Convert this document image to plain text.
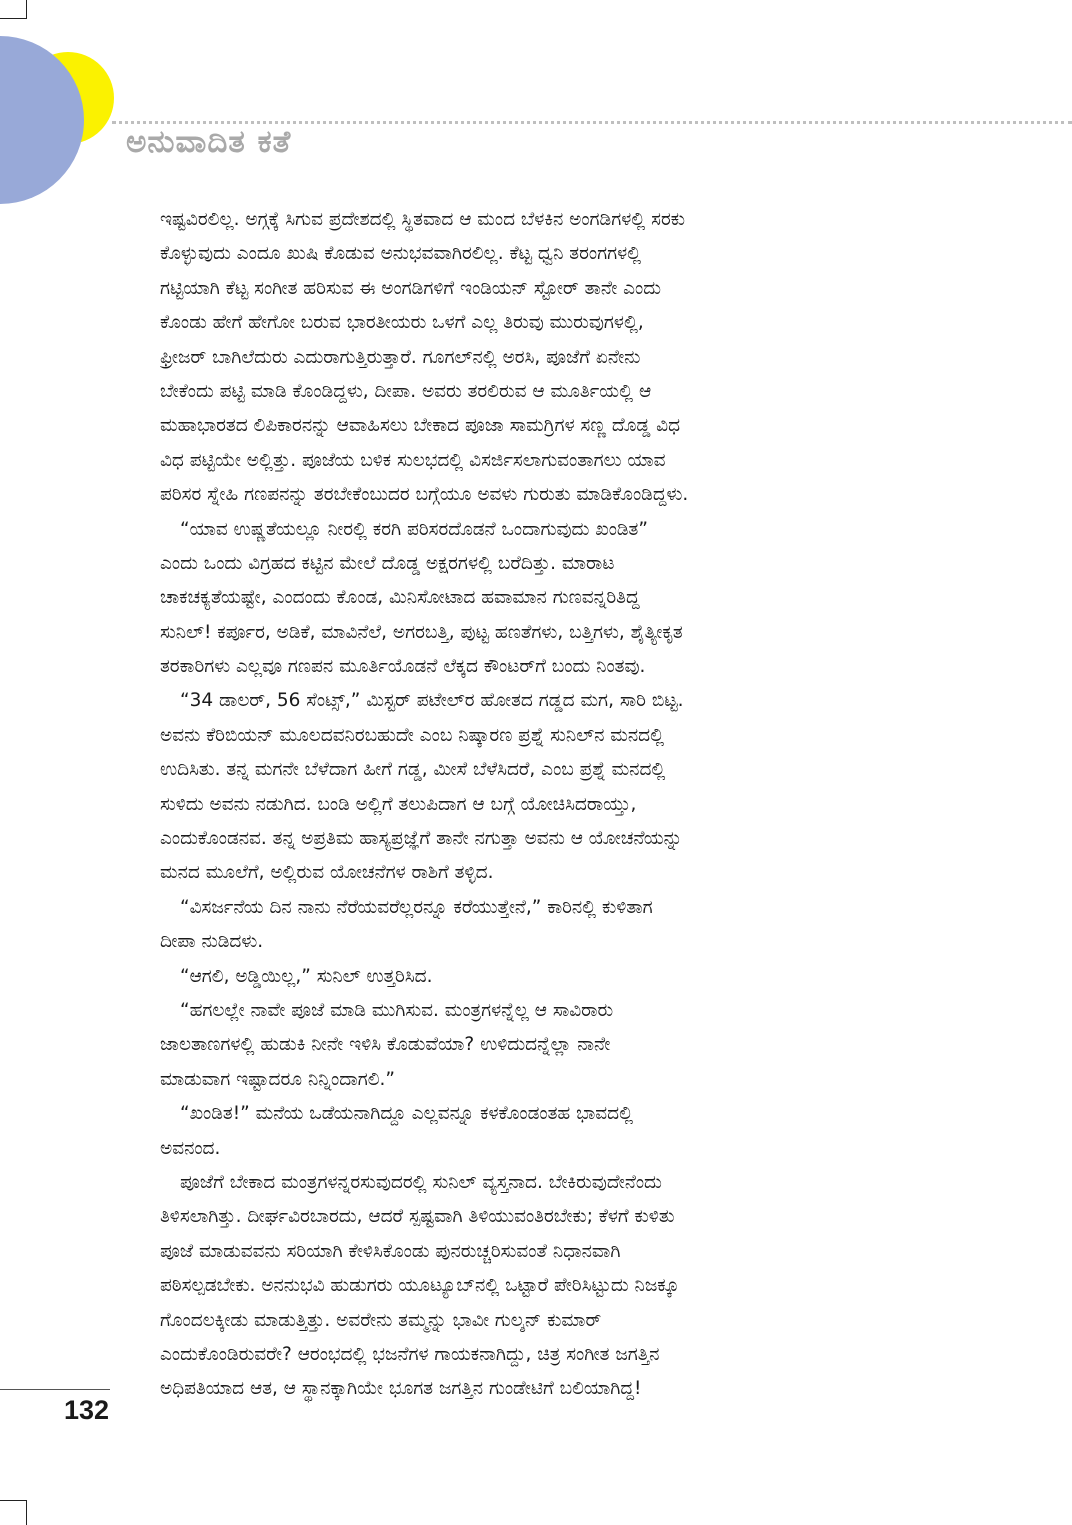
ಅನುವಾದಿತ ಕತೆ
ಇಷ್ಟವಿರಲಿಲ್ಲ. ಅಗ್ಗಕ್ಕೆ ಸಿಗುವ ಪ್ರದೇಶದಲ್ಲಿ ಸ್ಥಿತವಾದ ಆ ಮಂದ ಬೆಳಕಿನ ಅಂಗಡಿಗಳಲ್ಲಿ ಸರಕು
ಕೊಳ್ಳುವುದು ಎಂದೂ ಖುಷಿ ಕೊಡುವ ಅನುಭವವಾಗಿರಲಿಲ್ಲ. ಕೆಟ್ಟ ಧ್ವನಿ ತರಂಗಗಳಲ್ಲಿ
ಗಟ್ಟಿಯಾಗಿ ಕೆಟ್ಟ ಸಂಗೀತ ಹರಿಸುವ ಈ ಅಂಗಡಿಗಳಿಗೆ ಇಂಡಿಯನ್ ಸ್ಟೋರ್ ತಾನೇ ಎಂದು
ಕೊಂಡು ಹೇಗೆ ಹೇಗೋ ಬರುವ ಭಾರತೀಯರು ಒಳಗೆ ಎಲ್ಲ ತಿರುವು ಮುರುವುಗಳಲ್ಲಿ,
ಫ್ರೀಜರ್ ಬಾಗಿಲೆದುರು ಎದುರಾಗುತ್ತಿರುತ್ತಾರೆ. ಗೂಗಲ್‌ನಲ್ಲಿ ಅರಸಿ, ಪೂಜೆಗೆ ಏನೇನು
ಬೇಕೆಂದು ಪಟ್ಟಿ ಮಾಡಿ ಕೊಂಡಿದ್ದಳು, ದೀಪಾ. ಅವರು ತರಲಿರುವ ಆ ಮೂರ್ತಿಯಲ್ಲಿ ಆ
ಮಹಾಭಾರತದ ಲಿಪಿಕಾರನನ್ನು ಆವಾಹಿಸಲು ಬೇಕಾದ ಪೂಜಾ ಸಾಮಗ್ರಿಗಳ ಸಣ್ಣ ದೊಡ್ಡ ವಿಧ
ವಿಧ ಪಟ್ಟಿಯೇ ಅಲ್ಲಿತ್ತು. ಪೂಜೆಯ ಬಳಿಕ ಸುಲಭದಲ್ಲಿ ವಿಸರ್ಜಿಸಲಾಗುವಂತಾಗಲು ಯಾವ
ಪರಿಸರ ಸ್ನೇಹಿ ಗಣಪನನ್ನು ತರಬೇಕೆಂಬುದರ ಬಗ್ಗೆಯೂ ಅವಳು ಗುರುತು ಮಾಡಿಕೊಂಡಿದ್ದಳು.
“ಯಾವ ಉಷ್ಣತೆಯಲ್ಲೂ ನೀರಲ್ಲಿ ಕರಗಿ ಪರಿಸರದೊಡನೆ ಒಂದಾಗುವುದು ಖಂಡಿತ”
ಎಂದು ಒಂದು ವಿಗ್ರಹದ ಕಟ್ಟಿನ ಮೇಲೆ ದೊಡ್ಡ ಅಕ್ಷರಗಳಲ್ಲಿ ಬರೆದಿತ್ತು. ಮಾರಾಟ
ಚಾಕಚಕ್ಯತೆಯಷ್ಟೇ, ಎಂದಂದು ಕೊಂಡ, ಮಿನಿಸೋಟಾದ ಹವಾಮಾನ ಗುಣವನ್ನರಿತಿದ್ದ
ಸುನಿಲ್! ಕರ್ಪೂರ, ಅಡಿಕೆ, ಮಾವಿನೆಲೆ, ಅಗರಬತ್ತಿ, ಪುಟ್ಟ ಹಣತೆಗಳು, ಬತ್ತಿಗಳು, ಶೈತ್ಯೀಕೃತ
ತರಕಾರಿಗಳು ಎಲ್ಲವೂ ಗಣಪನ ಮೂರ್ತಿಯೊಡನೆ ಲೆಕ್ಕದ ಕೌಂಟರ್‌ಗೆ ಬಂದು ನಿಂತವು.
“34 ಡಾಲರ್, 56 ಸೆಂಟ್ಸ್,” ಮಿಸ್ಟರ್ ಪಟೇಲ್‌ರ ಹೋತದ ಗಡ್ಡದ ಮಗ, ಸಾರಿ ಬಿಟ್ಟ.
ಅವನು ಕೆರಿಬಿಯನ್ ಮೂಲದವನಿರಬಹುದೇ ಎಂಬ ನಿಷ್ಕಾರಣ ಪ್ರಶ್ನೆ ಸುನಿಲ್‌ನ ಮನದಲ್ಲಿ
ಉದಿಸಿತು. ತನ್ನ ಮಗನೇ ಬೆಳೆದಾಗ ಹೀಗೆ ಗಡ್ಡ, ಮೀಸೆ ಬೆಳೆಸಿದರೆ, ಎಂಬ ಪ್ರಶ್ನೆ ಮನದಲ್ಲಿ
ಸುಳಿದು ಅವನು ನಡುಗಿದ. ಬಂಡಿ ಅಲ್ಲಿಗೆ ತಲುಪಿದಾಗ ಆ ಬಗ್ಗೆ ಯೋಚಿಸಿದರಾಯ್ತು,
ಎಂದುಕೊಂಡನವ. ತನ್ನ ಅಪ್ರತಿಮ ಹಾಸ್ಯಪ್ರಜ್ಞೆಗೆ ತಾನೇ ನಗುತ್ತಾ ಅವನು ಆ ಯೋಚನೆಯನ್ನು
ಮನದ ಮೂಲೆಗೆ, ಅಲ್ಲಿರುವ ಯೋಚನೆಗಳ ರಾಶಿಗೆ ತಳ್ಳಿದ.
“ವಿಸರ್ಜನೆಯ ದಿನ ನಾನು ನೆರೆಯವರೆಲ್ಲರನ್ನೂ ಕರೆಯುತ್ತೇನೆ,” ಕಾರಿನಲ್ಲಿ ಕುಳಿತಾಗ
ದೀಪಾ ನುಡಿದಳು.
“ಆಗಲಿ, ಅಡ್ಡಿಯಿಲ್ಲ,” ಸುನಿಲ್ ಉತ್ತರಿಸಿದ.
“ಹಗಲಲ್ಲೇ ನಾವೇ ಪೂಜೆ ಮಾಡಿ ಮುಗಿಸುವ. ಮಂತ್ರಗಳನ್ನೆಲ್ಲ ಆ ಸಾವಿರಾರು
ಜಾಲತಾಣಗಳಲ್ಲಿ ಹುಡುಕಿ ನೀನೇ ಇಳಿಸಿ ಕೊಡುವೆಯಾ? ಉಳಿದುದನ್ನೆಲ್ಲಾ ನಾನೇ
ಮಾಡುವಾಗ ಇಷ್ಟಾದರೂ ನಿನ್ನಿಂದಾಗಲಿ.”
“ಖಂಡಿತ!” ಮನೆಯ ಒಡೆಯನಾಗಿದ್ದೂ ಎಲ್ಲವನ್ನೂ ಕಳಕೊಂಡಂತಹ ಭಾವದಲ್ಲಿ
ಅವನಂದ.
ಪೂಜೆಗೆ ಬೇಕಾದ ಮಂತ್ರಗಳನ್ನರಸುವುದರಲ್ಲಿ ಸುನಿಲ್ ವ್ಯಸ್ತನಾದ. ಬೇಕಿರುವುದೇನೆಂದು
ತಿಳಿಸಲಾಗಿತ್ತು. ದೀರ್ಘವಿರಬಾರದು, ಆದರೆ ಸ್ಪಷ್ಟವಾಗಿ ತಿಳಿಯುವಂತಿರಬೇಕು; ಕೆಳಗೆ ಕುಳಿತು
ಪೂಜೆ ಮಾಡುವವನು ಸರಿಯಾಗಿ ಕೇಳಿಸಿಕೊಂಡು ಪುನರುಚ್ಚರಿಸುವಂತೆ ನಿಧಾನವಾಗಿ
ಪಠಿಸಲ್ಪಡಬೇಕು. ಅನನುಭವಿ ಹುಡುಗರು ಯೂಟ್ಯೂಬ್‌ನಲ್ಲಿ ಒಟ್ಟಾರೆ ಪೇರಿಸಿಟ್ಟುದು ನಿಜಕ್ಕೂ
ಗೊಂದಲಕ್ಕೀಡು ಮಾಡುತ್ತಿತ್ತು. ಅವರೇನು ತಮ್ಮನ್ನು ಭಾವೀ ಗುಲ್ಶನ್ ಕುಮಾರ್
ಎಂದುಕೊಂಡಿರುವರೇ? ಆರಂಭದಲ್ಲಿ ಭಜನೆಗಳ ಗಾಯಕನಾಗಿದ್ದು, ಚಿತ್ರ ಸಂಗೀತ ಜಗತ್ತಿನ
ಅಧಿಪತಿಯಾದ ಆತ, ಆ ಸ್ಥಾನಕ್ಕಾಗಿಯೇ ಭೂಗತ ಜಗತ್ತಿನ ಗುಂಡೇಟಿಗೆ ಬಲಿಯಾಗಿದ್ದ!
132
